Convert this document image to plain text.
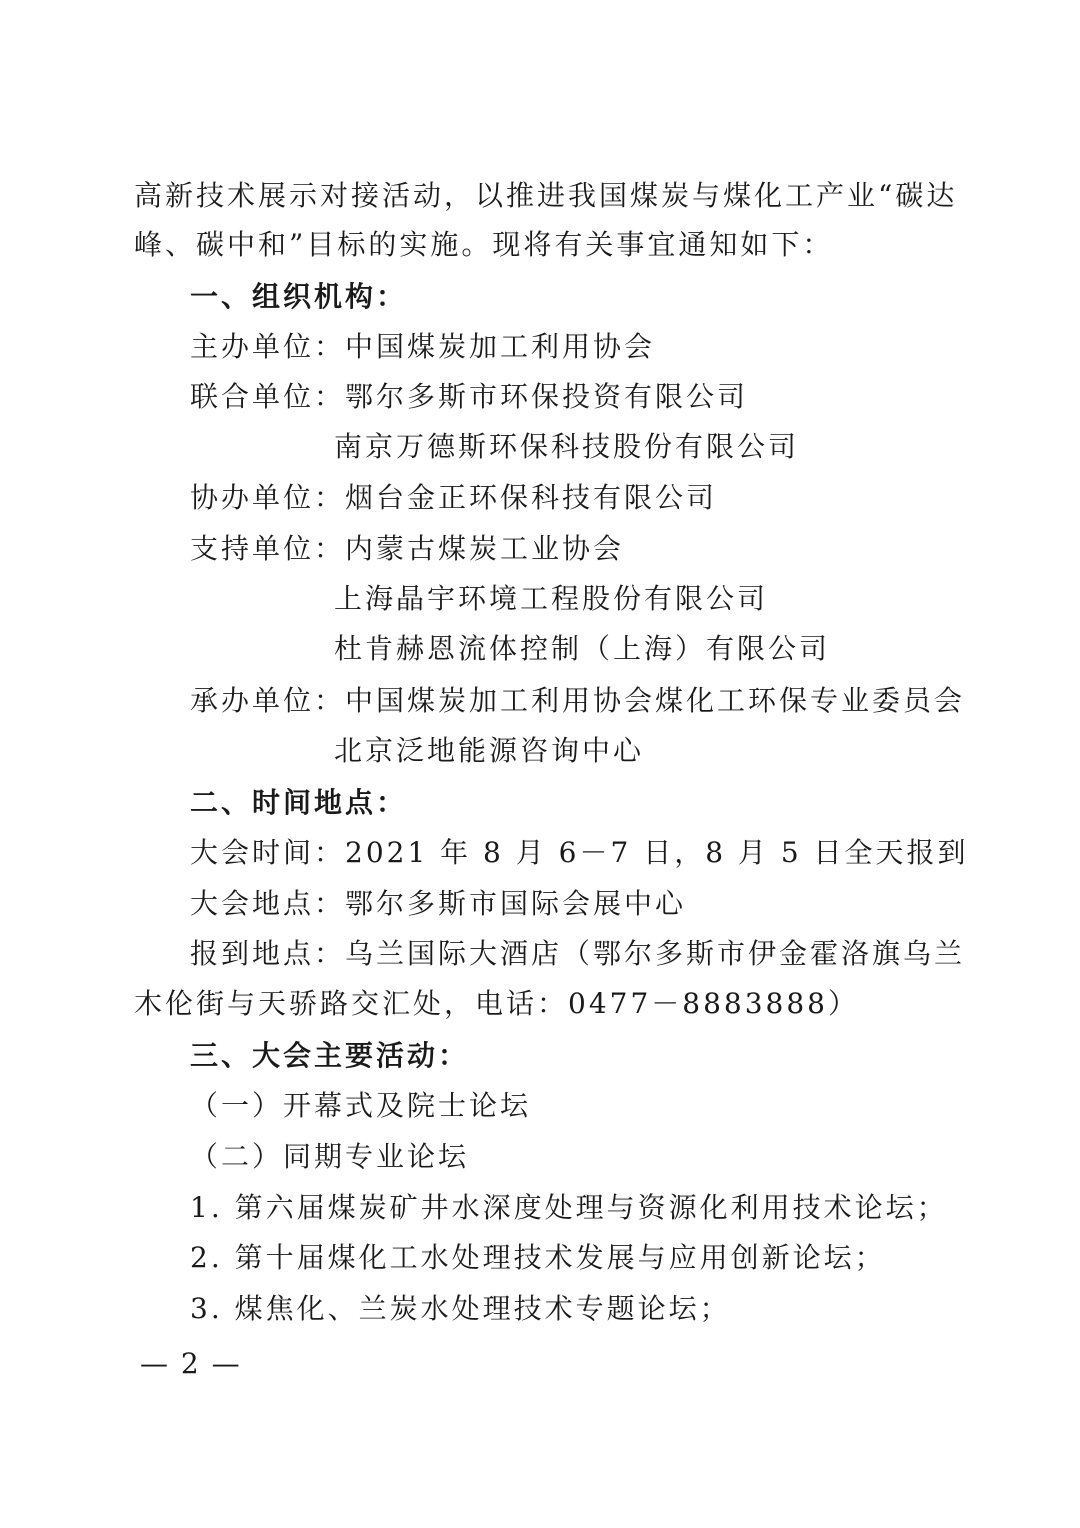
高新技术展示对接活动，以推进我国煤炭与煤化工产业“碳达
峰、碳中和”目标的实施。现将有关事宜通知如下：
一、组织机构：
主办单位：中国煤炭加工利用协会
联合单位：鄂尔多斯市环保投资有限公司
南京万德斯环保科技股份有限公司
协办单位：烟台金正环保科技有限公司
支持单位：内蒙古煤炭工业协会
上海晶宇环境工程股份有限公司
杜肯赫恩流体控制（上海）有限公司
承办单位：中国煤炭加工利用协会煤化工环保专业委员会
北京泛地能源咨询中心
二、时间地点：
大会时间：2021 年 8 月 6－7 日，8 月 5 日全天报到
大会地点：鄂尔多斯市国际会展中心
报到地点：乌兰国际大酒店（鄂尔多斯市伊金霍洛旗乌兰
木伦街与天骄路交汇处，电话：0477－8883888）
三、大会主要活动：
（一）开幕式及院士论坛
（二）同期专业论坛
1. 第六届煤炭矿井水深度处理与资源化利用技术论坛；
2. 第十届煤化工水处理技术发展与应用创新论坛；
3. 煤焦化、兰炭水处理技术专题论坛；
— 2 —
